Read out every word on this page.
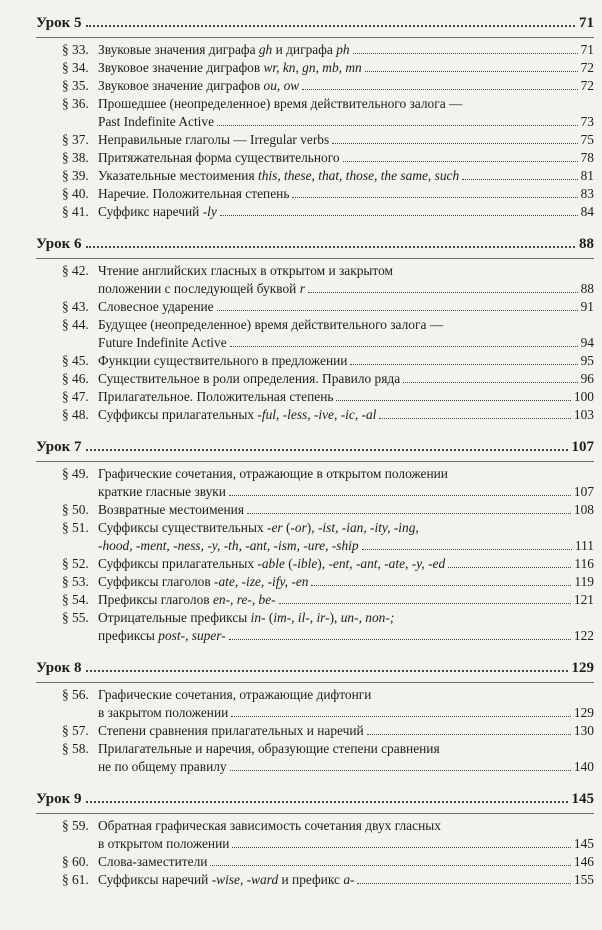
Урок 5	71
§ 33. Звуковые значения диграфа gh и диграфа ph	71
§ 34. Звуковое значение диграфов wr, kn, gn, mb, mn	72
§ 35. Звуковое значение диграфов ou, ow	72
§ 36. Прошедшее (неопределенное) время действительного залога —
Past Indefinite Active	73
§ 37. Неправильные глаголы — Irregular verbs	75
§ 38. Притяжательная форма существительного	78
§ 39. Указательные местоимения this, these, that, those, the same, such	81
§ 40. Наречие. Положительная степень	83
§ 41. Суффикс наречий -ly	84
Урок 6	88
§ 42. Чтение английских гласных в открытом и закрытом
положении с последующей буквой r	88
§ 43. Словесное ударение	91
§ 44. Будущее (неопределенное) время действительного залога —
Future Indefinite Active	94
§ 45. Функции существительного в предложении	95
§ 46. Существительное в роли определения. Правило ряда	96
§ 47. Прилагательное. Положительная степень	100
§ 48. Суффиксы прилагательных -ful, -less, -ive, -ic, -al	103
Урок 7	107
§ 49. Графические сочетания, отражающие в открытом положении
краткие гласные звуки	107
§ 50. Возвратные местоимения	108
§ 51. Суффиксы существительных -er (-or), -ist, -ian, -ity, -ing,
-hood, -ment, -ness, -y, -th, -ant, -ism, -ure, -ship	111
§ 52. Суффиксы прилагательных -able (-ible), -ent, -ant, -ate, -y, -ed	116
§ 53. Суффиксы глаголов -ate, -ize, -ify, -en	119
§ 54. Префиксы глаголов en-, re-, be-	121
§ 55. Отрицательные префиксы in- (im-, il-, ir-), un-, non-;
префиксы post-, super-	122
Урок 8	129
§ 56. Графические сочетания, отражающие дифтонги
в закрытом положении	129
§ 57. Степени сравнения прилагательных и наречий	130
§ 58. Прилагательные и наречия, образующие степени сравнения
не по общему правилу	140
Урок 9	145
§ 59. Обратная графическая зависимость сочетания двух гласных
в открытом положении	145
§ 60. Слова-заместители	146
§ 61. Суффиксы наречий -wise, -ward и префикс a-	155
